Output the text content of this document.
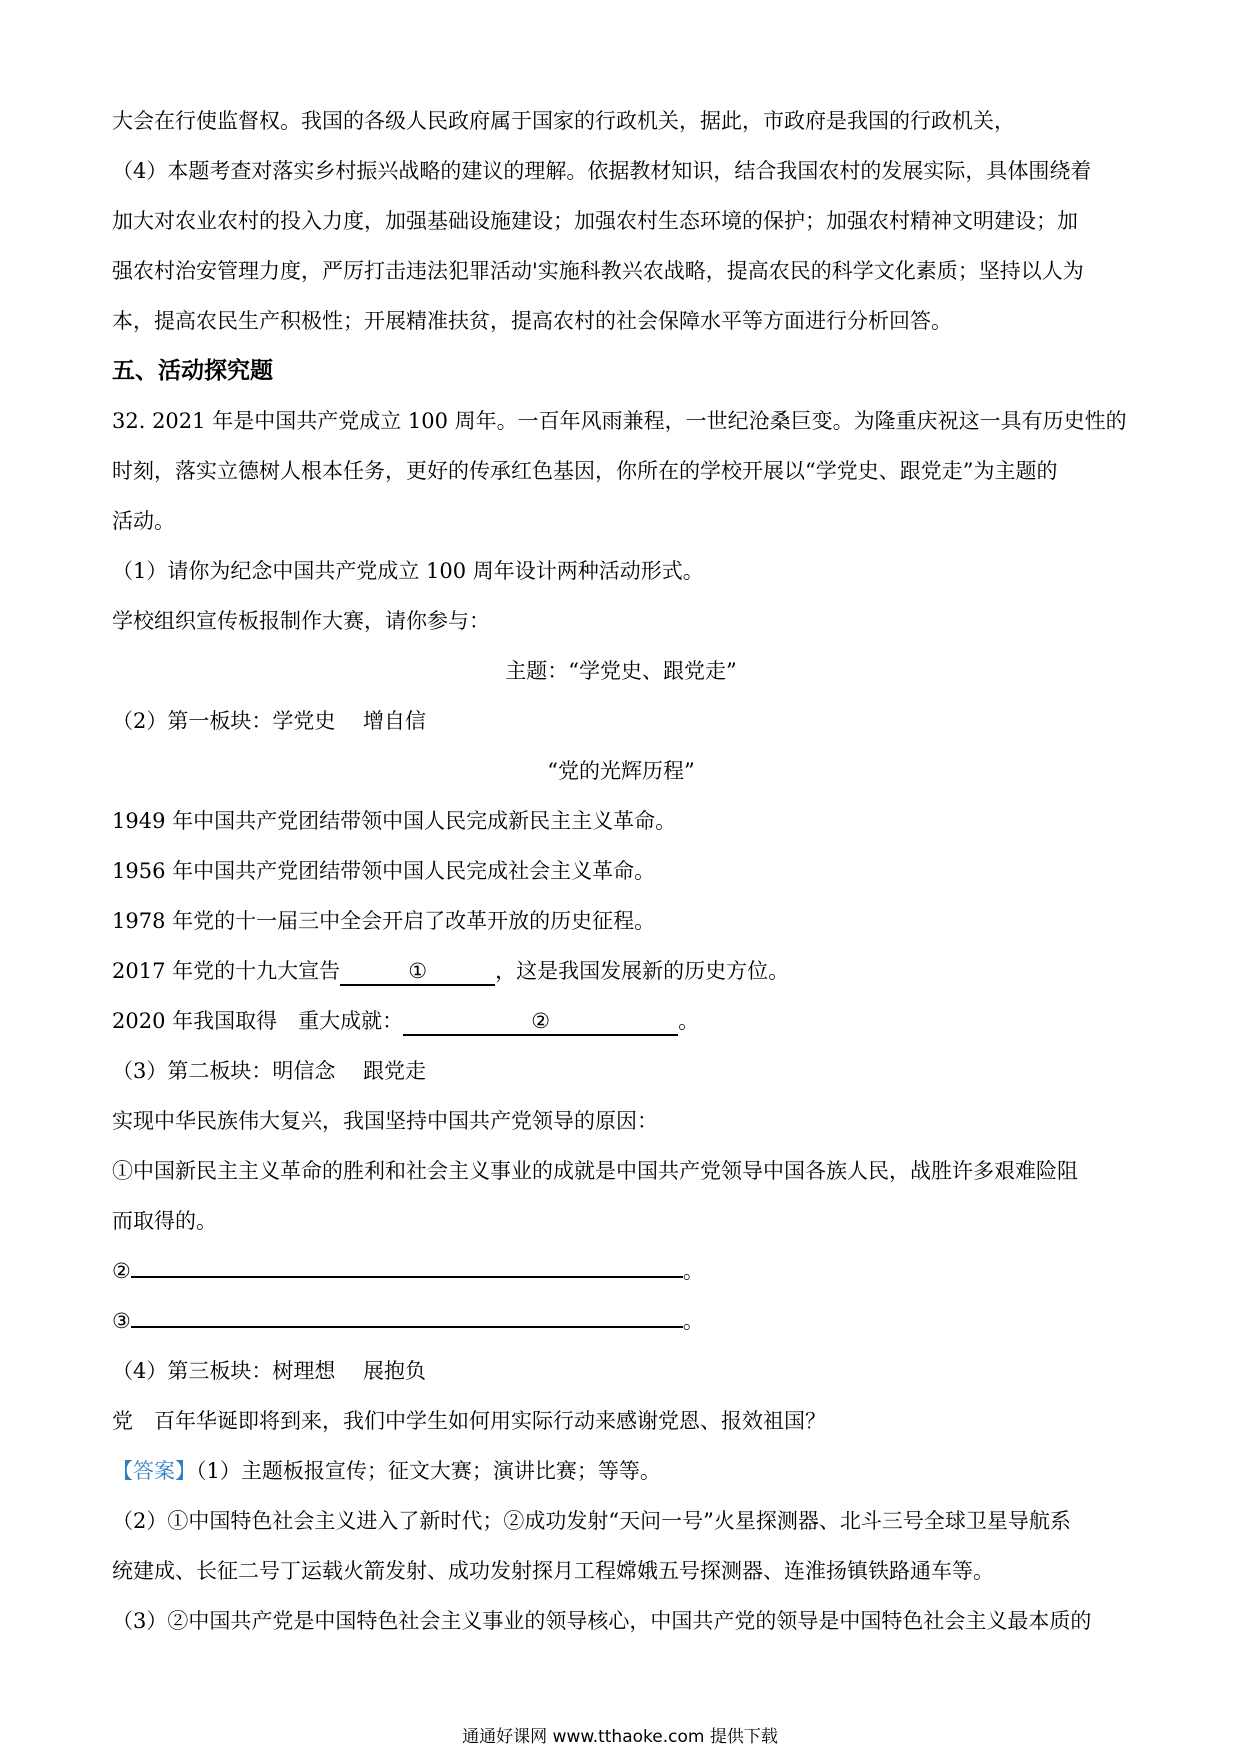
大会在行使监督权。我国的各级人民政府属于国家的行政机关，据此，市政府是我国的行政机关，
（4）本题考查对落实乡村振兴战略的建议的理解。依据教材知识，结合我国农村的发展实际，具体围绕着
加大对农业农村的投入力度，加强基础设施建设；加强农村生态环境的保护；加强农村精神文明建设；加
强农村治安管理力度，严厉打击违法犯罪活动'实施科教兴农战略，提高农民的科学文化素质；坚持以人为
本，提高农民生产积极性；开展精准扶贫，提高农村的社会保障水平等方面进行分析回答。
五、活动探究题
32. 2021 年是中国共产党成立 100 周年。一百年风雨兼程，一世纪沧桑巨变。为隆重庆祝这一具有历史性的
时刻，落实立德树人根本任务，更好的传承红色基因，你所在的学校开展以“学党史、跟党走”为主题的
活动。
（1）请你为纪念中国共产党成立 100 周年设计两种活动形式。
学校组织宣传板报制作大赛，请你参与：
主题：“学党史、跟党走”
（2）第一板块：学党史　 增自信
“党的光辉历程”
1949 年中国共产党团结带领中国人民完成新民主主义革命。
1956 年中国共产党团结带领中国人民完成社会主义革命。
1978 年党的十一届三中全会开启了改革开放的历史征程。
2017 年党的十九大宣告	①	，这是我国发展新的历史方位。
2020 年我国取得　重大成就：	②	。
（3）第二板块：明信念　 跟党走
实现中华民族伟大复兴，我国坚持中国共产党领导的原因：
①中国新民主主义革命的胜利和社会主义事业的成就是中国共产党领导中国各族人民，战胜许多艰难险阻
而取得的。
②	。
③	。
（4）第三板块：树理想　 展抱负
党　百年华诞即将到来，我们中学生如何用实际行动来感谢党恩、报效祖国？
【答案】（1）主题板报宣传；征文大赛；演讲比赛；等等。
（2）①中国特色社会主义进入了新时代；②成功发射“天问一号”火星探测器、北斗三号全球卫星导航系
统建成、长征二号丁运载火箭发射、成功发射探月工程嫦娥五号探测器、连淮扬镇铁路通车等。
（3）②中国共产党是中国特色社会主义事业的领导核心，中国共产党的领导是中国特色社会主义最本质的
通通好课网 www.tthaoke.com 提供下载
